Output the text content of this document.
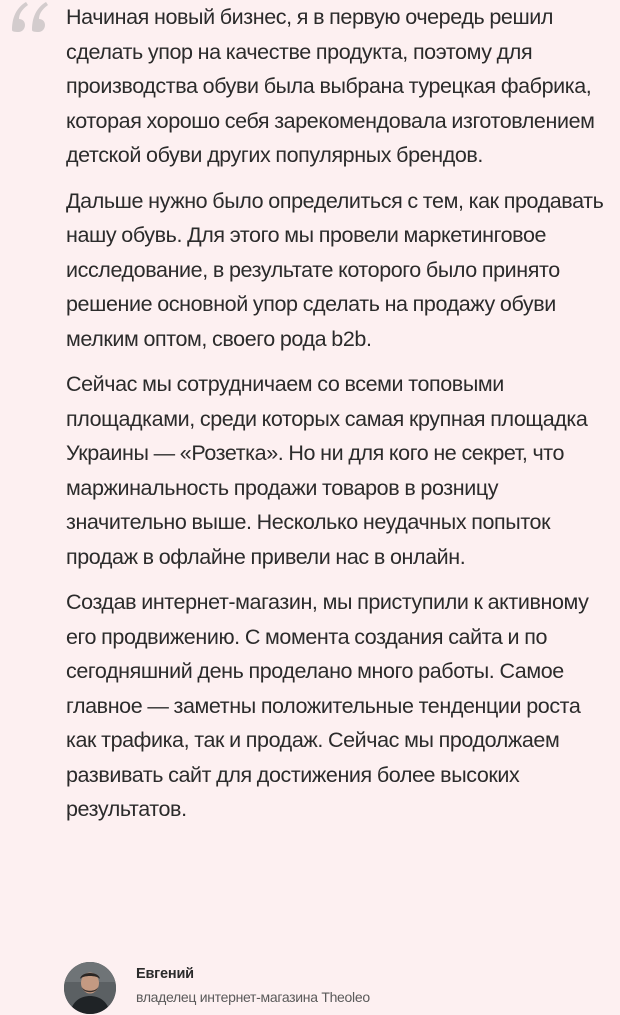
Начиная новый бизнес, я в первую очередь решил сделать упор на качестве продукта, поэтому для производства обуви была выбрана турецкая фабрика, которая хорошо себя зарекомендовала изготовлением детской обуви других популярных брендов.

Дальше нужно было определиться с тем, как продавать нашу обувь. Для этого мы провели маркетинговое исследование, в результате которого было принято решение основной упор сделать на продажу обуви мелким оптом, своего рода b2b.

Сейчас мы сотрудничаем со всеми топовыми площадками, среди которых самая крупная площадка Украины — «Розетка». Но ни для кого не секрет, что маржинальность продажи товаров в розницу значительно выше. Несколько неудачных попыток продаж в офлайне привели нас в онлайн.

Создав интернет-магазин, мы приступили к активному его продвижению. С момента создания сайта и по сегодняшний день проделано много работы. Самое главное — заметны положительные тенденции роста как трафика, так и продаж. Сейчас мы продолжаем развивать сайт для достижения более высоких результатов.

Евгений
владелец интернет-магазина Theoleo
